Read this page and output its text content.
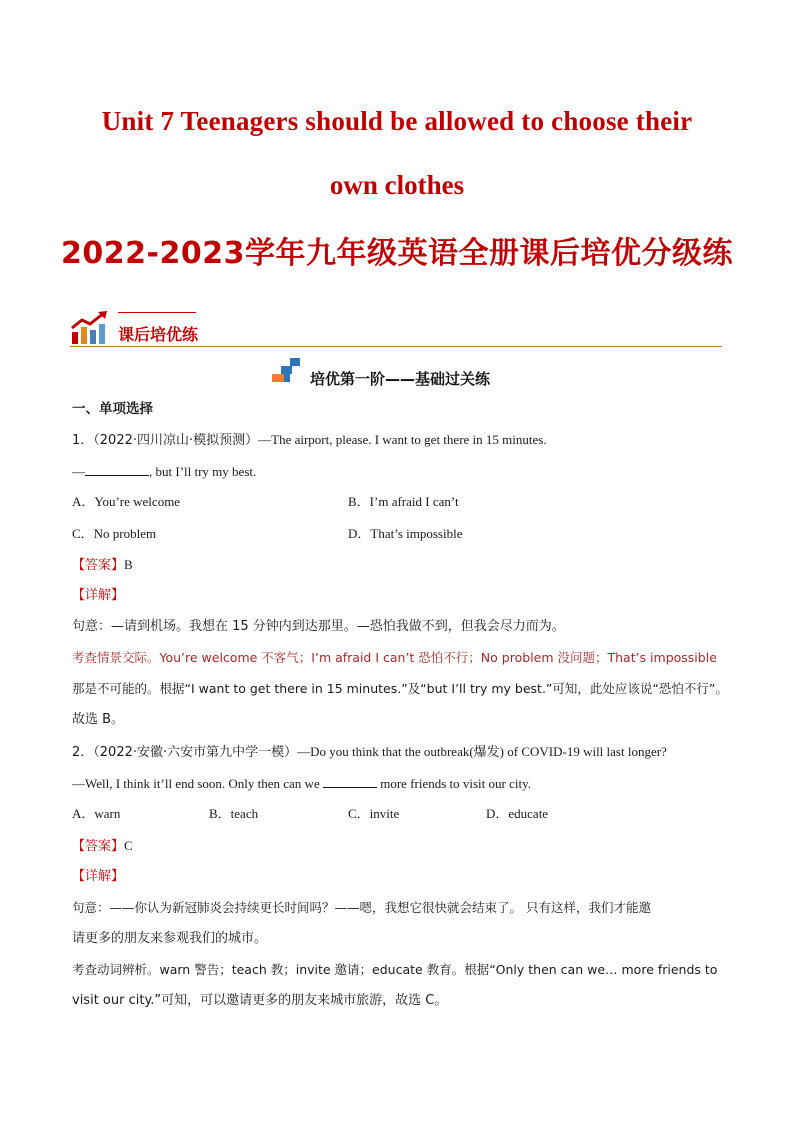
Unit 7 Teenagers should be allowed to choose their
own clothes
2022-2023学年九年级英语全册课后培优分级练
课后培优练
培优第一阶——基础过关练
一、单项选择
1．（2022·四川凉山·模拟预测）—The airport, please. I want to get there in 15 minutes.
—	, but I’ll try my best.
A．You’re welcome	B．I’m afraid I can’t
C．No problem	D．That’s impossible
【答案】B
【详解】
句意：—请到机场。我想在 15 分钟内到达那里。—恐怕我做不到，但我会尽力而为。
考查情景交际。You’re welcome 不客气；I’m afraid I can’t 恐怕不行；No problem 没问题；That’s impossible
那是不可能的。根据“I want to get there in 15 minutes.”及“but I’ll try my best.”可知，此处应该说“恐怕不行”。
故选 B。
2．（2022·安徽·六安市第九中学一模）—Do you think that the outbreak(爆发) of COVID-19 will last longer?
—Well, I think it’ll end soon. Only then can we	more friends to visit our city.
A．warn	B．teach	C．invite	D．educate
【答案】C
【详解】
句意：——你认为新冠肺炎会持续更长时间吗？——嗯，我想它很快就会结束了。 只有这样，我们才能邀
请更多的朋友来参观我们的城市。
考查动词辨析。warn 警告；teach 教；invite 邀请；educate 教育。根据“Only then can we… more friends to
visit our city.”可知，可以邀请更多的朋友来城市旅游，故选 C。
